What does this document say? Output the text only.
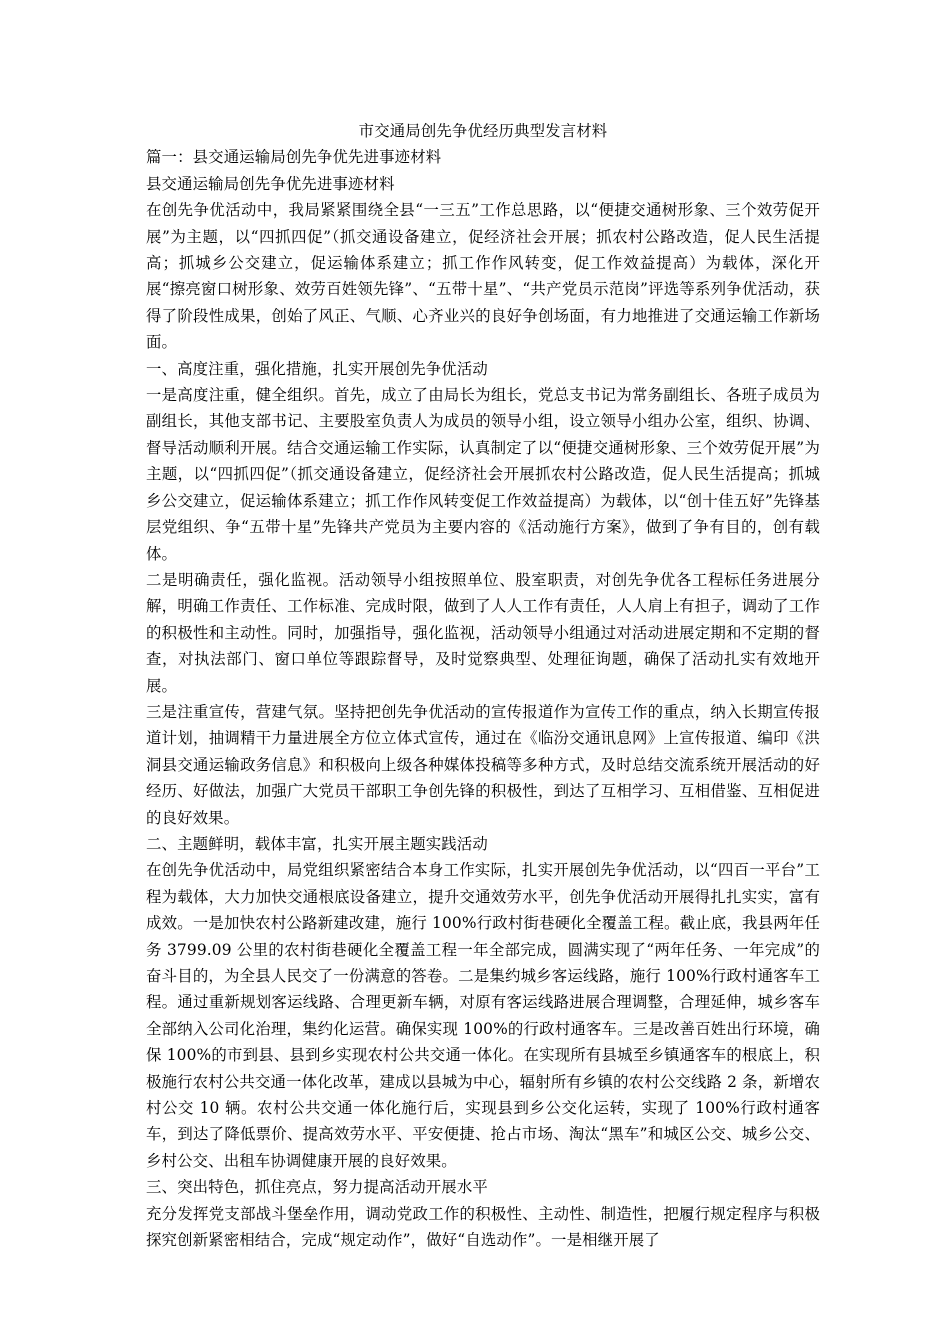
市交通局创先争优经历典型发言材料

篇一：县交通运输局创先争优先进事迹材料

县交通运输局创先争优先进事迹材料

在创先争优活动中，我局紧紧围绕全县“一三五”工作总思路，以“便捷交通树形象、三个效劳促开展”为主题，以“四抓四促”（抓交通设备建立，促经济社会开展；抓农村公路改造，促人民生活提高；抓城乡公交建立，促运输体系建立；抓工作作风转变，促工作效益提高）为载体，深化开展“擦亮窗口树形象、效劳百姓领先锋”、“五带十星”、“共产党员示范岗”评选等系列争优活动，获得了阶段性成果，创始了风正、气顺、心齐业兴的良好争创场面，有力地推进了交通运输工作新场面。

一、高度注重，强化措施，扎实开展创先争优活动

一是高度注重，健全组织。首先，成立了由局长为组长，党总支书记为常务副组长、各班子成员为副组长，其他支部书记、主要股室负责人为成员的领导小组，设立领导小组办公室，组织、协调、督导活动顺利开展。结合交通运输工作实际，认真制定了以“便捷交通树形象、三个效劳促开展”为主题，以“四抓四促”（抓交通设备建立，促经济社会开展抓农村公路改造，促人民生活提高；抓城乡公交建立，促运输体系建立；抓工作作风转变促工作效益提高）为载体，以“创十佳五好”先锋基层党组织、争“五带十星”先锋共产党员为主要内容的《活动施行方案》，做到了争有目的，创有载体。

二是明确责任，强化监视。活动领导小组按照单位、股室职责，对创先争优各工程标任务进展分解，明确工作责任、工作标准、完成时限，做到了人人工作有责任，人人肩上有担子，调动了工作的积极性和主动性。同时，加强指导，强化监视，活动领导小组通过对活动进展定期和不定期的督查，对执法部门、窗口单位等跟踪督导，及时觉察典型、处理征询题，确保了活动扎实有效地开展。

三是注重宣传，营建气氛。坚持把创先争优活动的宣传报道作为宣传工作的重点，纳入长期宣传报道计划，抽调精干力量进展全方位立体式宣传，通过在《临汾交通讯息网》上宣传报道、编印《洪洞县交通运输政务信息》和积极向上级各种媒体投稿等多种方式，及时总结交流系统开展活动的好经历、好做法，加强广大党员干部职工争创先锋的积极性，到达了互相学习、互相借鉴、互相促进的良好效果。

二、主题鲜明，载体丰富，扎实开展主题实践活动

在创先争优活动中，局党组织紧密结合本身工作实际，扎实开展创先争优活动，以“四百一平台”工程为载体，大力加快交通根底设备建立，提升交通效劳水平，创先争优活动开展得扎扎实实，富有成效。一是加快农村公路新建改建，施行 100%行政村街巷硬化全覆盖工程。截止底，我县两年任务 3799.09 公里的农村街巷硬化全覆盖工程一年全部完成，圆满实现了“两年任务、一年完成”的奋斗目的，为全县人民交了一份满意的答卷。二是集约城乡客运线路，施行 100%行政村通客车工程。通过重新规划客运线路、合理更新车辆，对原有客运线路进展合理调整，合理延伸，城乡客车全部纳入公司化治理，集约化运营。确保实现 100%的行政村通客车。三是改善百姓出行环境，确保 100%的市到县、县到乡实现农村公共交通一体化。在实现所有县城至乡镇通客车的根底上，积极施行农村公共交通一体化改革，建成以县城为中心，辐射所有乡镇的农村公交线路 2 条，新增农村公交 10 辆。农村公共交通一体化施行后，实现县到乡公交化运转，实现了 100%行政村通客车，到达了降低票价、提高效劳水平、平安便捷、抢占市场、淘汰“黑车”和城区公交、城乡公交、乡村公交、出租车协调健康开展的良好效果。

三、突出特色，抓住亮点，努力提高活动开展水平

充分发挥党支部战斗堡垒作用，调动党政工作的积极性、主动性、制造性，把履行规定程序与积极探究创新紧密相结合，完成“规定动作”，做好“自选动作”。一是相继开展了
